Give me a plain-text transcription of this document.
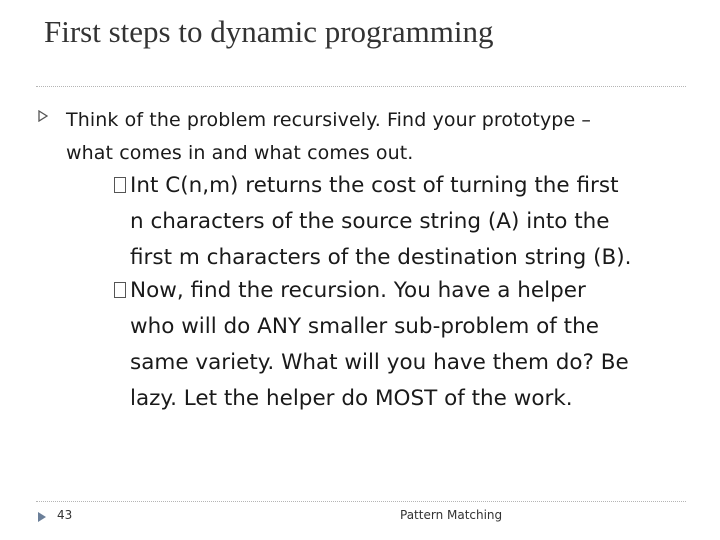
First steps to dynamic programming
Think of the problem recursively. Find your prototype –
what comes in and what comes out.
Int C(n,m) returns the cost of turning the first
n characters of the source string (A) into the
first m characters of the destination string (B).
Now, find the recursion. You have a helper
who will do ANY smaller sub-problem of the
same variety. What will you have them do? Be
lazy. Let the helper do MOST of the work.
43	Pattern Matching
